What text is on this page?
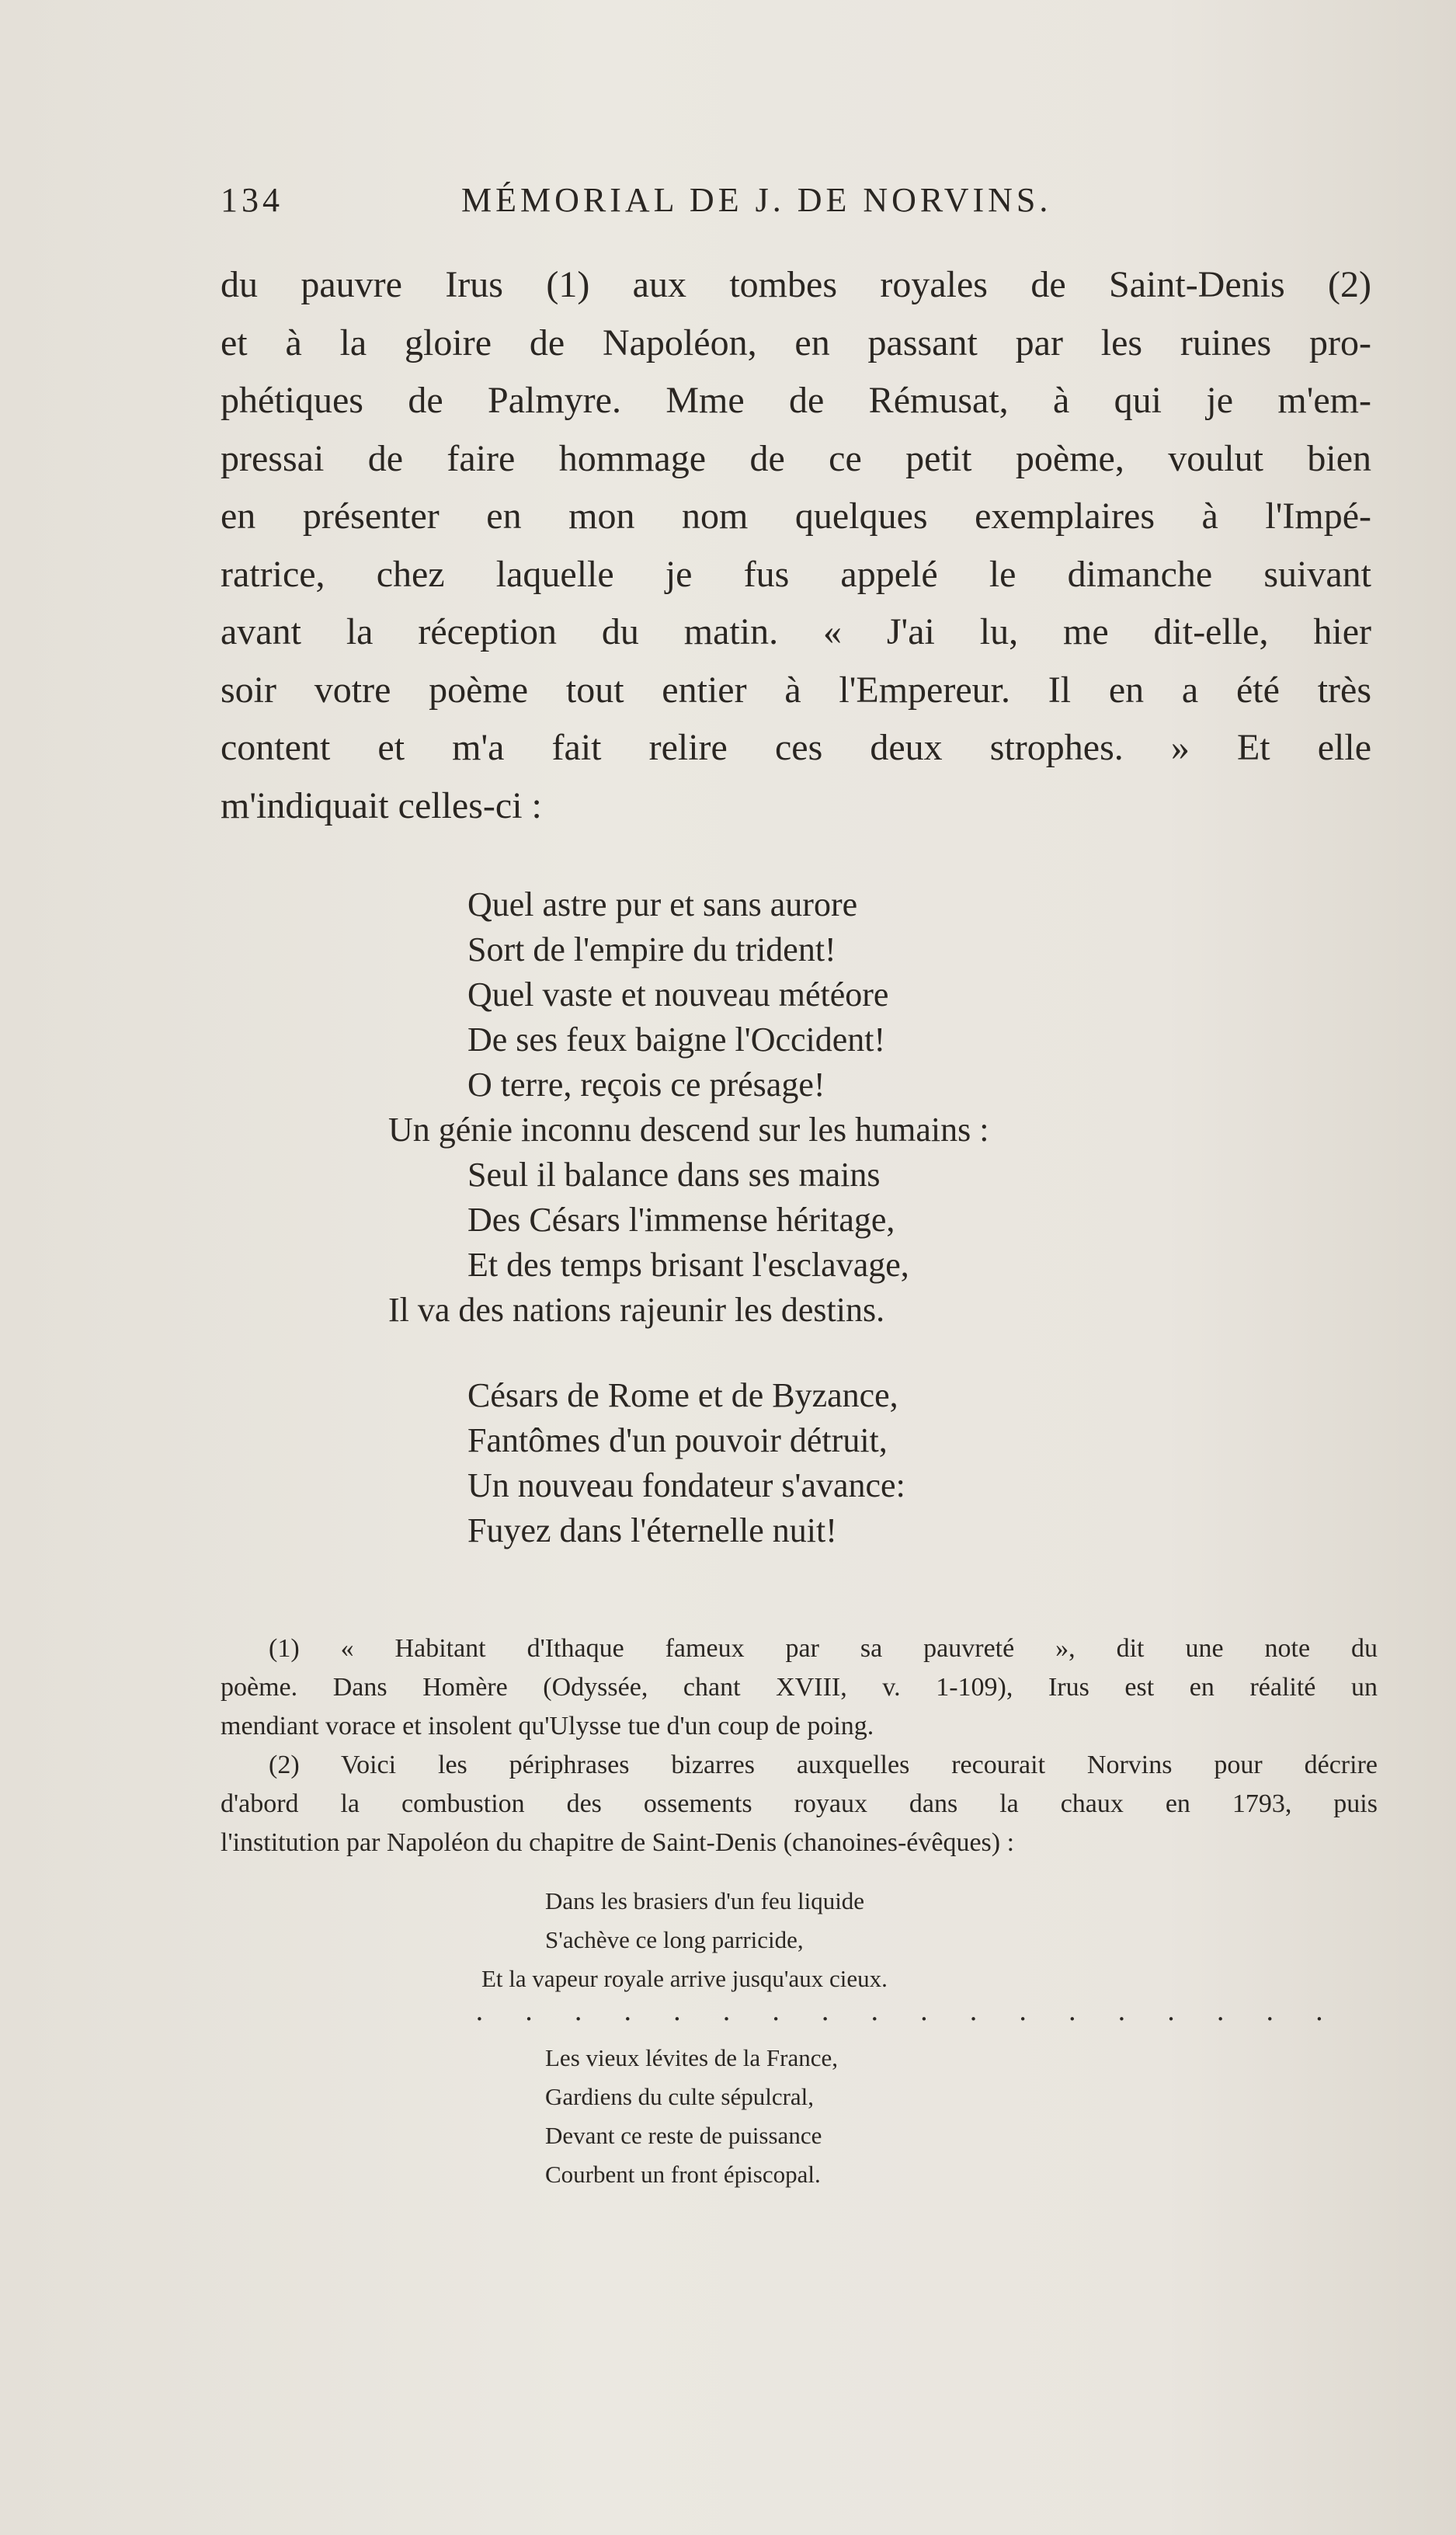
134	MÉMORIAL DE J. DE NORVINS.
du pauvre Irus (1) aux tombes royales de Saint-Denis (2)
et à la gloire de Napoléon, en passant par les ruines pro-
phétiques de Palmyre. Mme de Rémusat, à qui je m'em-
pressai de faire hommage de ce petit poème, voulut bien
en présenter en mon nom quelques exemplaires à l'Impé-
ratrice, chez laquelle je fus appelé le dimanche suivant
avant la réception du matin. « J'ai lu, me dit-elle, hier
soir votre poème tout entier à l'Empereur. Il en a été très
content et m'a fait relire ces deux strophes. » Et elle
m'indiquait celles-ci :
Quel astre pur et sans aurore
Sort de l'empire du trident!
Quel vaste et nouveau météore
De ses feux baigne l'Occident!
O terre, reçois ce présage!
Un génie inconnu descend sur les humains :
Seul il balance dans ses mains
Des Césars l'immense héritage,
Et des temps brisant l'esclavage,
Il va des nations rajeunir les destins.
Césars de Rome et de Byzance,
Fantômes d'un pouvoir détruit,
Un nouveau fondateur s'avance:
Fuyez dans l'éternelle nuit!
(1) « Habitant d'Ithaque fameux par sa pauvreté », dit une note du
poème. Dans Homère (Odyssée, chant XVIII, v. 1-109), Irus est en réalité un
mendiant vorace et insolent qu'Ulysse tue d'un coup de poing.
(2) Voici les périphrases bizarres auxquelles recourait Norvins pour décrire
d'abord la combustion des ossements royaux dans la chaux en 1793, puis
l'institution par Napoléon du chapitre de Saint-Denis (chanoines-évêques) :
Dans les brasiers d'un feu liquide
S'achève ce long parricide,
Et la vapeur royale arrive jusqu'aux cieux.
Les vieux lévites de la France,
Gardiens du culte sépulcral,
Devant ce reste de puissance
Courbent un front épiscopal.
. . . . . . . . . . . . . . . . . .
